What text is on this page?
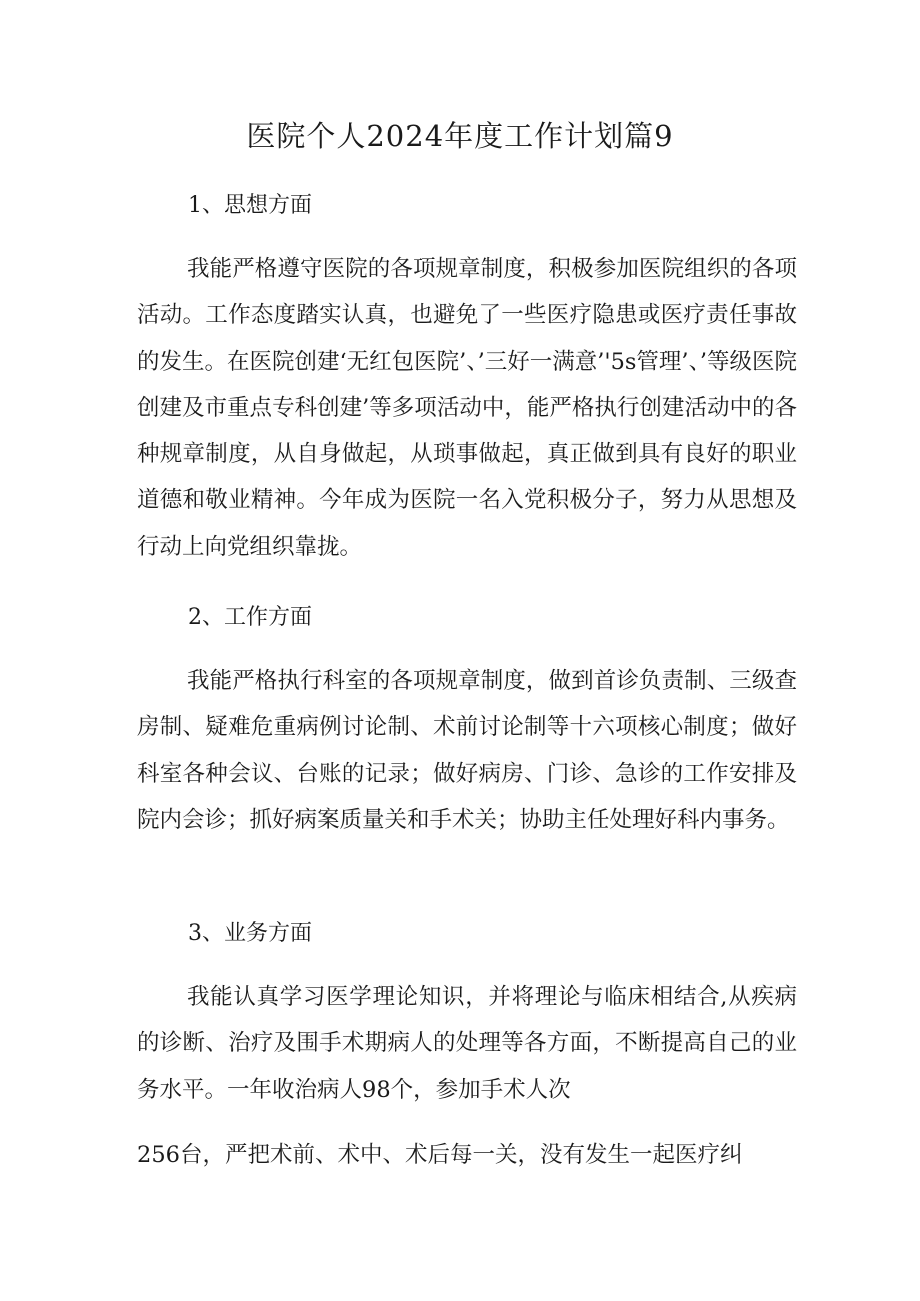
医院个人2024年度工作计划篇9
1、思想方面

我能严格遵守医院的各项规章制度，积极参加医院组织的各项活动。工作态度踏实认真，也避免了一些医疗隐患或医疗责任事故的发生。在医院创建‘无红包医院’、’三好一满意’'5s管理’、’等级医院创建及市重点专科创建’等多项活动中，能严格执行创建活动中的各种规章制度，从自身做起，从琐事做起，真正做到具有良好的职业道德和敬业精神。今年成为医院一名入党积极分子，努力从思想及行动上向党组织靠拢。

2、工作方面

我能严格执行科室的各项规章制度，做到首诊负责制、三级查房制、疑难危重病例讨论制、术前讨论制等十六项核心制度；做好科室各种会议、台账的记录；做好病房、门诊、急诊的工作安排及院内会诊；抓好病案质量关和手术关；协助主任处理好科内事务。

3、业务方面

我能认真学习医学理论知识，并将理论与临床相结合,从疾病的诊断、治疗及围手术期病人的处理等各方面，不断提高自己的业务水平。一年收治病人98个，参加手术人次

256台，严把术前、术中、术后每一关，没有发生一起医疗纠
